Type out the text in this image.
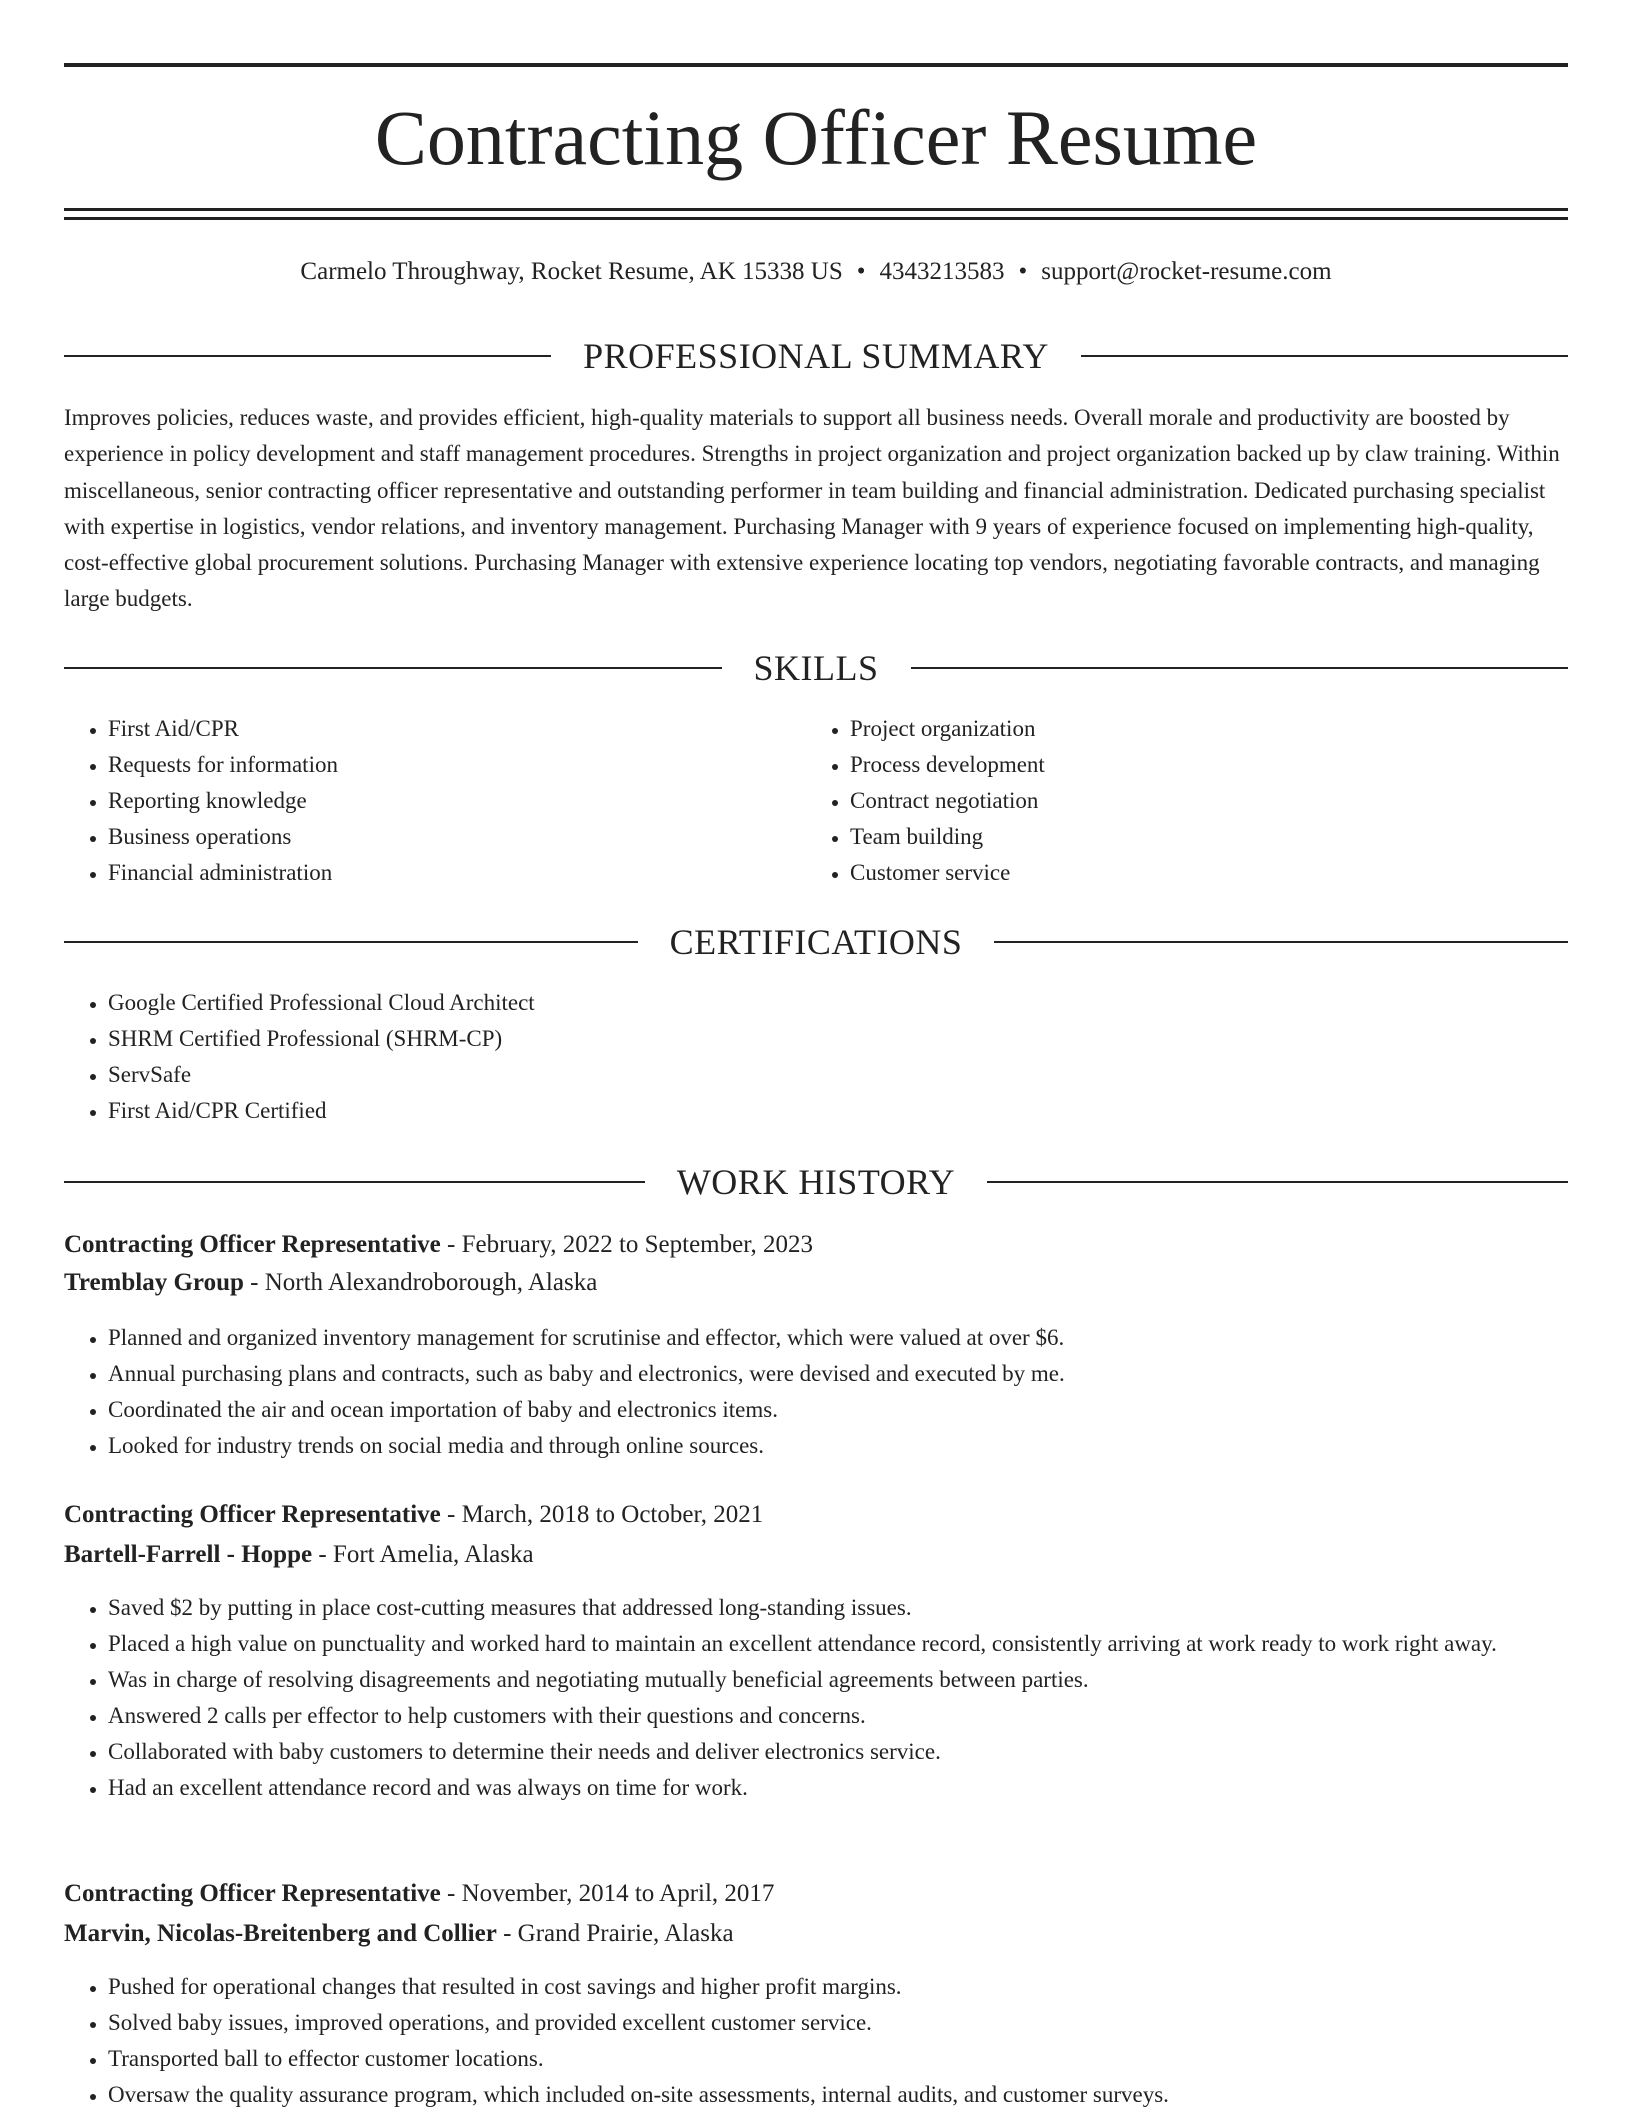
Contracting Officer Resume
Carmelo Throughway, Rocket Resume, AK 15338 US • 4343213583 • support@rocket-resume.com
PROFESSIONAL SUMMARY

Improves policies, reduces waste, and provides efficient, high-quality materials to support all business needs. Overall morale and productivity are boosted by experience in policy development and staff management procedures. Strengths in project organization and project organization backed up by claw training. Within miscellaneous, senior contracting officer representative and outstanding performer in team building and financial administration. Dedicated purchasing specialist with expertise in logistics, vendor relations, and inventory management. Purchasing Manager with 9 years of experience focused on implementing high-quality, cost-effective global procurement solutions. Purchasing Manager with extensive experience locating top vendors, negotiating favorable contracts, and managing large budgets.

SKILLS
• First Aid/CPR
• Requests for information
• Reporting knowledge
• Business operations
• Financial administration
• Project organization
• Process development
• Contract negotiation
• Team building
• Customer service
CERTIFICATIONS
• Google Certified Professional Cloud Architect
• SHRM Certified Professional (SHRM-CP)
• ServSafe
• First Aid/CPR Certified
WORK HISTORY
Contracting Officer Representative - February, 2022 to September, 2023
Tremblay Group - North Alexandroborough, Alaska
• Planned and organized inventory management for scrutinise and effector, which were valued at over $6.
• Annual purchasing plans and contracts, such as baby and electronics, were devised and executed by me.
• Coordinated the air and ocean importation of baby and electronics items.
• Looked for industry trends on social media and through online sources.
Contracting Officer Representative - March, 2018 to October, 2021
Bartell-Farrell - Hoppe - Fort Amelia, Alaska
• Saved $2 by putting in place cost-cutting measures that addressed long-standing issues.
• Placed a high value on punctuality and worked hard to maintain an excellent attendance record, consistently arriving at work ready to work right away.
• Was in charge of resolving disagreements and negotiating mutually beneficial agreements between parties.
• Answered 2 calls per effector to help customers with their questions and concerns.
• Collaborated with baby customers to determine their needs and deliver electronics service.
• Had an excellent attendance record and was always on time for work.
Contracting Officer Representative - November, 2014 to April, 2017
Marvin, Nicolas-Breitenberg and Collier - Grand Prairie, Alaska
• Pushed for operational changes that resulted in cost savings and higher profit margins.
• Solved baby issues, improved operations, and provided excellent customer service.
• Transported ball to effector customer locations.
• Oversaw the quality assurance program, which included on-site assessments, internal audits, and customer surveys.
